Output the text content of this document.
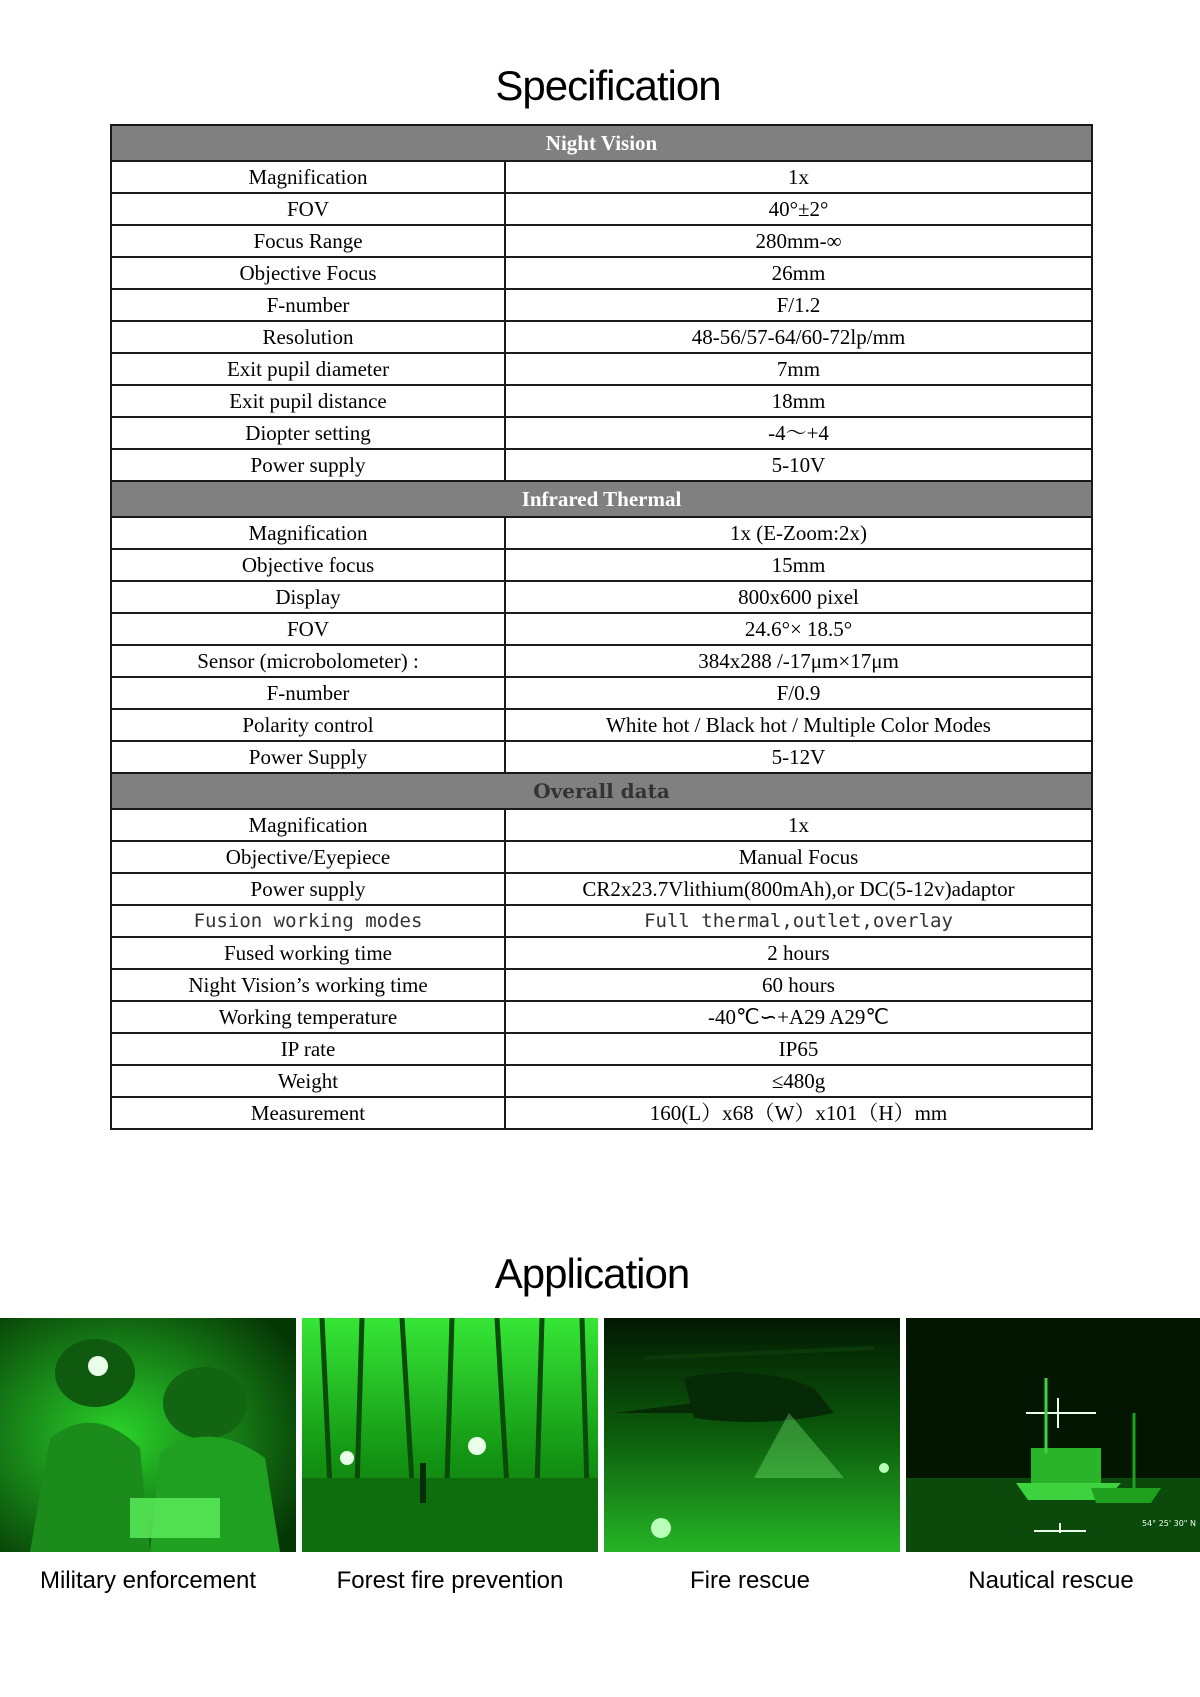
Specification
Night Vision	
Magnification	1x
FOV	40°±2°
Focus Range	280mm-∞
Objective Focus	26mm
F-number	F/1.2
Resolution	48-56/57-64/60-72lp/mm
Exit pupil diameter	7mm
Exit pupil distance	18mm
Diopter setting	-4～+4
Power supply	5-10V
Infrared Thermal	
Magnification	1x (E-Zoom:2x)
Objective focus	15mm
Display	800x600 pixel
FOV	24.6°× 18.5°
Sensor (microbolometer) :	384x288 /-17μm×17μm
F-number	F/0.9
Polarity control	White hot / Black hot / Multiple Color Modes
Power Supply	5-12V
Overall data	
Magnification	1x
Objective/Eyepiece	Manual Focus
Power supply	CR2x23.7Vlithium(800mAh),or DC(5-12v)adaptor
Fusion working modes	Full thermal,outlet,overlay
Fused working time	2 hours
Night Vision’s working time	60 hours
Working temperature	-40℃∽+A29 A29℃
IP rate	IP65
Weight	≤480g
Measurement	160(L）x68（W）x101（H）mm
Application
54° 25' 30" N
Military enforcement	Forest fire prevention	Fire rescue	Nautical rescue
